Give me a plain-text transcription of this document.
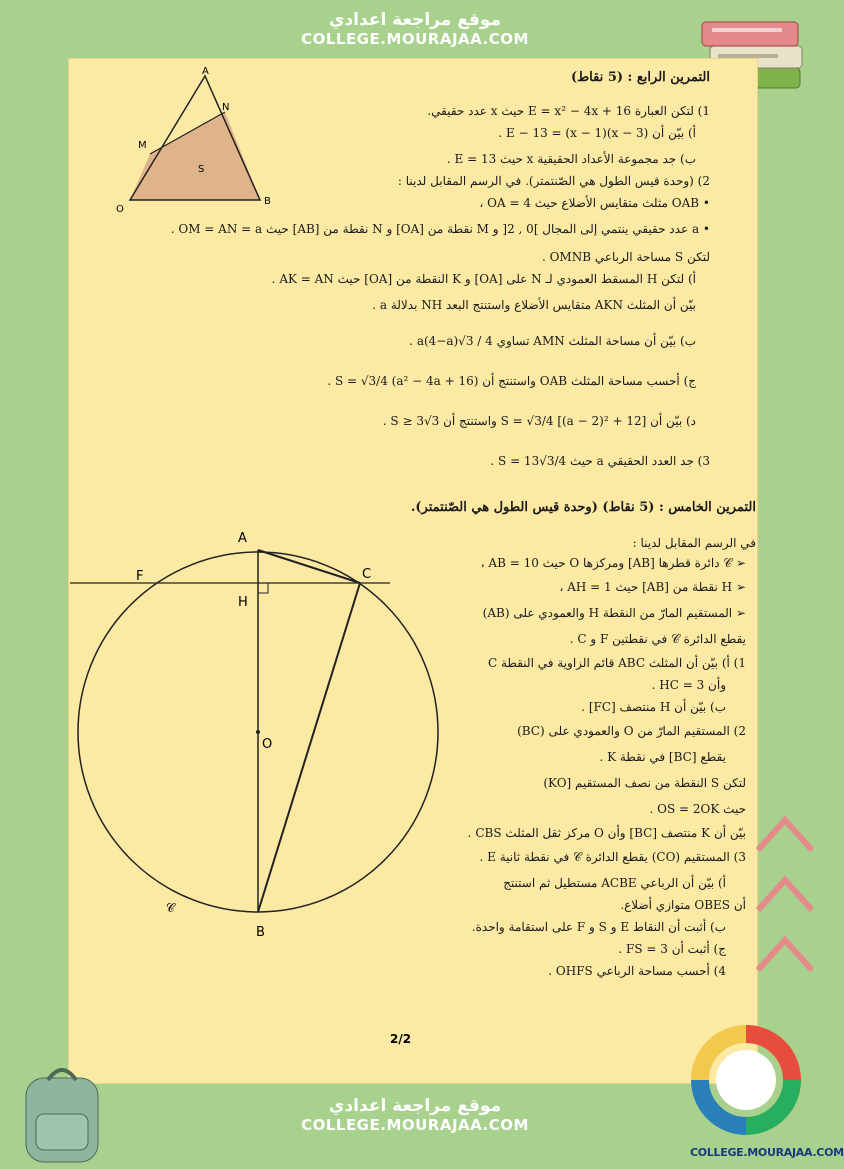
موقع مراجعة اعدادي
COLLEGE.MOURAJAA.COM
A
N
M
S
O
B
التمرين الرابع : (5 نقاط)
1) لتكن العبارة E = x² − 4x + 16 حيث x عدد حقيقي.
أ) بيّن أن E − 13 = (x − 1)(x − 3) .
ب) جد مجموعة الأعداد الحقيقية x حيث E = 13 .
2) (وحدة قيس الطول هي الصّنتمتر). في الرسم المقابل لدينا :
• OAB مثلث متقايس الأضلاع حيث OA = 4 ،
• a عدد حقيقي ينتمي إلى المجال ]0 , 2[ و M نقطة من [OA] و N نقطة من [AB] حيث OM = AN = a .
لتكن S مساحة الرباعي OMNB .
أ) لتكن H المسقط العمودي لـ N على [OA] و K النقطة من [OA] حيث AK = AN .
بيّن أن المثلث AKN متقايس الأضلاع واستنتج البعد NH بدلالة a .
ب) بيّن أن مساحة المثلث AMN تساوي a(4−a)√3 / 4 .
ج) أحسب مساحة المثلث OAB واستنتج أن S = √3/4 (a² − 4a + 16) .
د) بيّن أن S = √3/4 [(a − 2)² + 12] واستنتج أن S ≥ 3√3 .
3) جد العدد الحقيقي a حيث S = 13√3/4 .
التمرين الخامس : (5 نقاط) (وحدة قيس الطول هي الصّنتمتر).
في الرسم المقابل لدينا :
➢ 𝒞 دائرة قطرها [AB] ومركزها O حيث AB = 10 ،
➢ H نقطة من [AB] حيث AH = 1 ،
➢ المستقيم المارّ من النقطة H والعمودي على (AB)
يقطع الدائرة 𝒞 في نقطتين F و C .
1) أ) بيّن أن المثلث ABC قائم الزاوية في النقطة C
وأن HC = 3 .
ب) بيّن أن H منتصف [FC] .
2) المستقيم المارّ من O والعمودي على (BC)
يقطع [BC] في نقطة K .
لتكن S النقطة من نصف المستقيم [KO)
حيث OS = 2OK .
بيّن أن K منتصف [BC] وأن O مركز ثقل المثلث CBS .
3) المستقيم (CO) يقطع الدائرة 𝒞 في نقطة ثانية E .
أ) بيّن أن الرباعي ACBE مستطيل ثم استنتج
أن OBES متوازي أضلاع.
ب) أثبت أن النقاط E و S و F على استقامة واحدة.
ج) أثبت أن FS = 3 .
4) أحسب مساحة الرباعي OHFS .
A
F	C
H
O
B
𝒞
2/2
COLLEGE.MOURAJAA.COM
موقع مراجعة اعدادي
COLLEGE.MOURAJAA.COM
